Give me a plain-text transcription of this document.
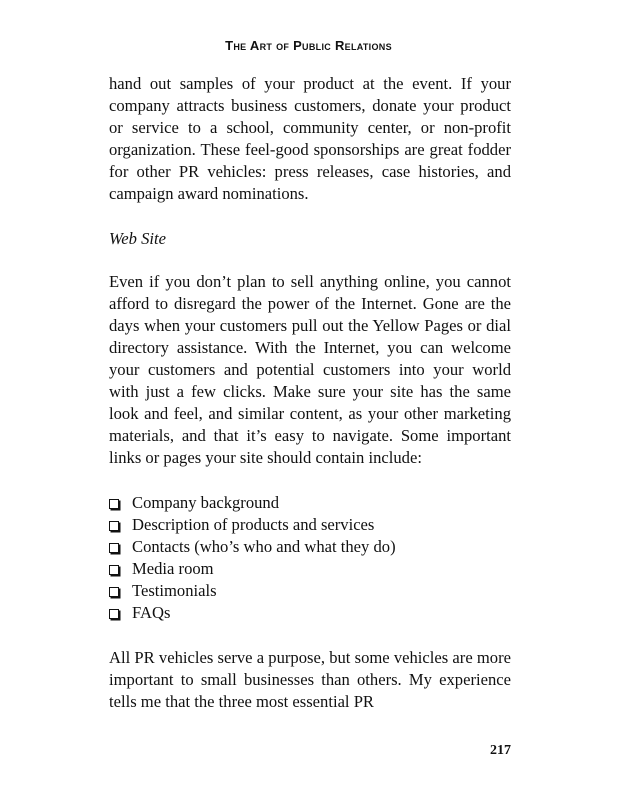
The Art of Public Relations

hand out samples of your product at the event. If your company attracts business customers, donate your product or service to a school, community center, or non-profit organization. These feel-good sponsorships are great fodder for other PR vehicles: press releases, case histories, and campaign award nominations.

Web Site

Even if you don’t plan to sell anything online, you cannot afford to disregard the power of the Internet. Gone are the days when your customers pull out the Yellow Pages or dial directory assistance. With the Internet, you can welcome your customers and potential customers into your world with just a few clicks. Make sure your site has the same look and feel, and similar content, as your other marketing materials, and that it’s easy to navigate. Some important links or pages your site should contain include:

Company background
Description of products and services
Contacts (who’s who and what they do)
Media room
Testimonials
FAQs

All PR vehicles serve a purpose, but some vehicles are more important to small businesses than others. My experience tells me that the three most essential PR

217
